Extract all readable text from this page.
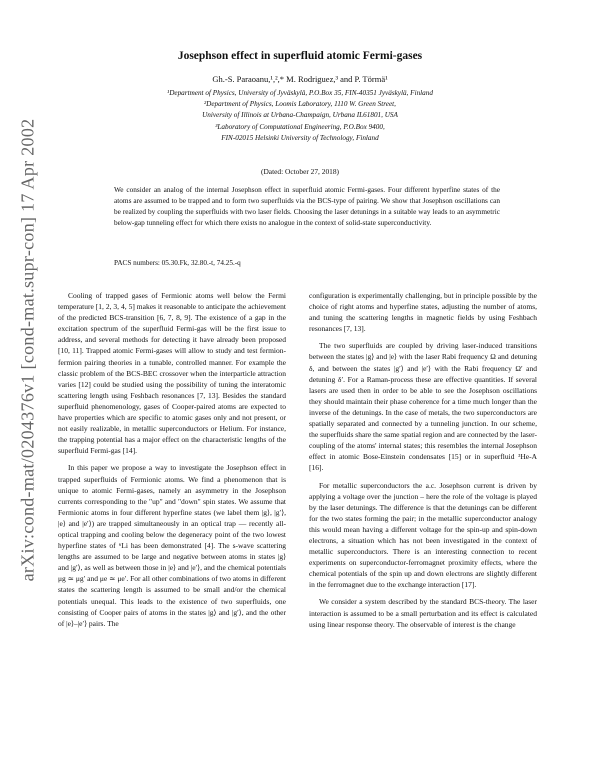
arXiv:cond-mat/0204376v1 [cond-mat.supr-con] 17 Apr 2002
Josephson effect in superfluid atomic Fermi-gases
Gh.-S. Paraoanu,¹,²,* M. Rodriguez,³ and P. Törmä¹
¹Department of Physics, University of Jyväskylä, P.O.Box 35, FIN-40351 Jyväskylä, Finland
²Department of Physics, Loomis Laboratory, 1110 W. Green Street,
University of Illinois at Urbana-Champaign, Urbana IL61801, USA
³Laboratory of Computational Engineering, P.O.Box 9400,
FIN-02015 Helsinki University of Technology, Finland
(Dated: October 27, 2018)
We consider an analog of the internal Josephson effect in superfluid atomic Fermi-gases. Four different hyperfine states of the atoms are assumed to be trapped and to form two superfluids via the BCS-type of pairing. We show that Josephson oscillations can be realized by coupling the superfluids with two laser fields. Choosing the laser detunings in a suitable way leads to an asymmetric below-gap tunneling effect for which there exists no analogue in the context of solid-state superconductivity.
PACS numbers: 05.30.Fk, 32.80.-t, 74.25.-q

Cooling of trapped gases of Fermionic atoms well below the Fermi temperature [1, 2, 3, 4, 5] makes it reasonable to anticipate the achievement of the predicted BCS-transition [6, 7, 8, 9]. The existence of a gap in the excitation spectrum of the superfluid Fermi-gas will be the first issue to address, and several methods for detecting it have already been proposed [10, 11]. Trapped atomic Fermi-gases will allow to study and test fermion-fermion pairing theories in a tunable, controlled manner. For example the classic problem of the BCS-BEC crossover when the interparticle attraction varies [12] could be studied using the possibility of tuning the interatomic scattering length using Feshbach resonances [7, 13]. Besides the standard superfluid phenomenology, gases of Cooper-paired atoms are expected to have properties which are specific to atomic gases only and not present, or not easily realizable, in metallic superconductors or Helium. For instance, the trapping potential has a major effect on the characteristic lengths of the superfluid Fermi-gas [14].

In this paper we propose a way to investigate the Josephson effect in trapped superfluids of Fermionic atoms. We find a phenomenon that is unique to atomic Fermi-gases, namely an asymmetry in the Josephson currents corresponding to the "up" and "down" spin states. We assume that Fermionic atoms in four different hyperfine states (we label them |g⟩, |g′⟩, |e⟩ and |e′⟩) are trapped simultaneously in an optical trap — recently all-optical trapping and cooling below the degeneracy point of the two lowest hyperfine states of ⁶Li has been demonstrated [4]. The s-wave scattering lengths are assumed to be large and negative between atoms in states |g⟩ and |g′⟩, as well as between those in |e⟩ and |e′⟩, and the chemical potentials μg ≃ μg′ and μe ≃ μe′. For all other combinations of two atoms in different states the scattering length is assumed to be small and/or the chemical potentials unequal. This leads to the existence of two superfluids, one consisting of Cooper pairs of atoms in the states |g⟩ and |g′⟩, and the other of |e⟩–|e′⟩ pairs. The

configuration is experimentally challenging, but in principle possible by the choice of right atoms and hyperfine states, adjusting the number of atoms, and tuning the scattering lengths in magnetic fields by using Feshbach resonances [7, 13].

The two superfluids are coupled by driving laser-induced transitions between the states |g⟩ and |e⟩ with the laser Rabi frequency Ω and detuning δ, and between the states |g′⟩ and |e′⟩ with the Rabi frequency Ω′ and detuning δ′. For a Raman-process these are effective quantities. If several lasers are used then in order to be able to see the Josephson oscillations they should maintain their phase coherence for a time much longer than the inverse of the detunings. In the case of metals, the two superconductors are spatially separated and connected by a tunneling junction. In our scheme, the superfluids share the same spatial region and are connected by the laser-coupling of the atoms' internal states; this resembles the internal Josephson effect in atomic Bose-Einstein condensates [15] or in superfluid ³He-A [16].

For metallic superconductors the a.c. Josephson current is driven by applying a voltage over the junction – here the role of the voltage is played by the laser detunings. The difference is that the detunings can be different for the two states forming the pair; in the metallic superconductor analogy this would mean having a different voltage for the spin-up and spin-down electrons, a situation which has not been investigated in the context of metallic superconductors. There is an interesting connection to recent experiments on superconductor-ferromagnet proximity effects, where the chemical potentials of the spin up and down electrons are slightly different in the ferromagnet due to the exchange interaction [17].

We consider a system described by the standard BCS-theory. The laser interaction is assumed to be a small perturbation and its effect is calculated using linear response theory. The observable of interest is the change
